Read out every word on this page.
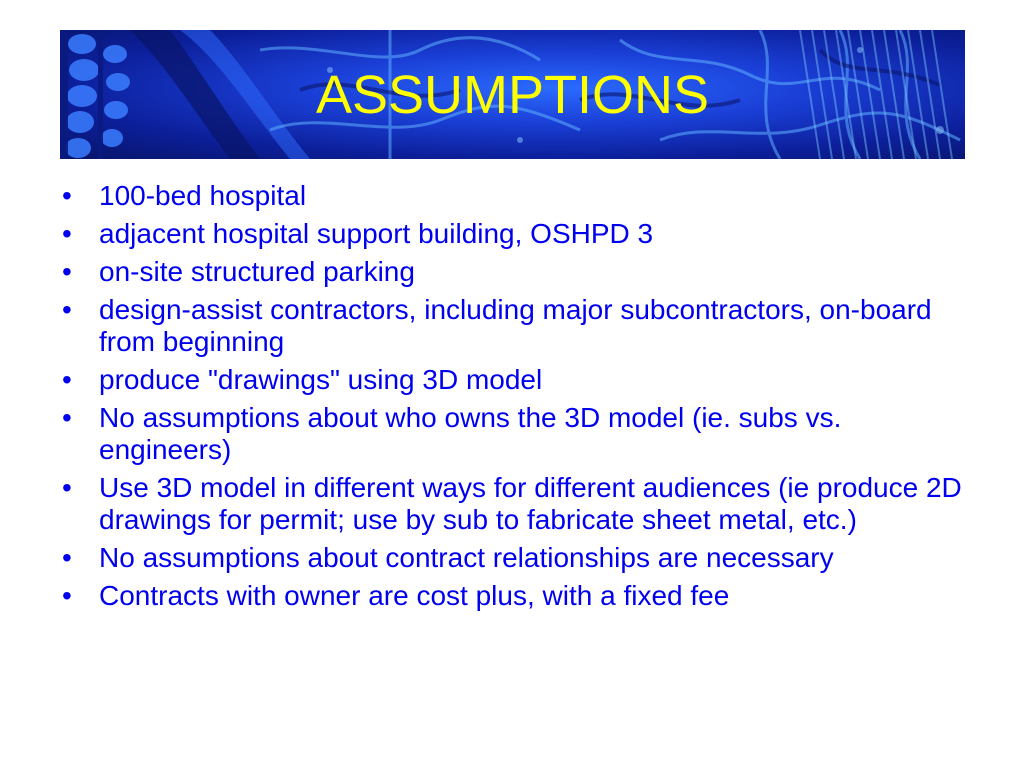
ASSUMPTIONS
• 100-bed hospital
• adjacent hospital support building, OSHPD 3
• on-site structured parking
• design-assist contractors, including major subcontractors, on-board from beginning
• produce "drawings" using 3D model
• No assumptions about who owns the 3D model (ie. subs vs. engineers)
• Use 3D model in different ways for different audiences (ie produce 2D drawings for permit; use by sub to fabricate sheet metal, etc.)
• No assumptions about contract relationships are necessary
• Contracts with owner are cost plus, with a fixed fee
